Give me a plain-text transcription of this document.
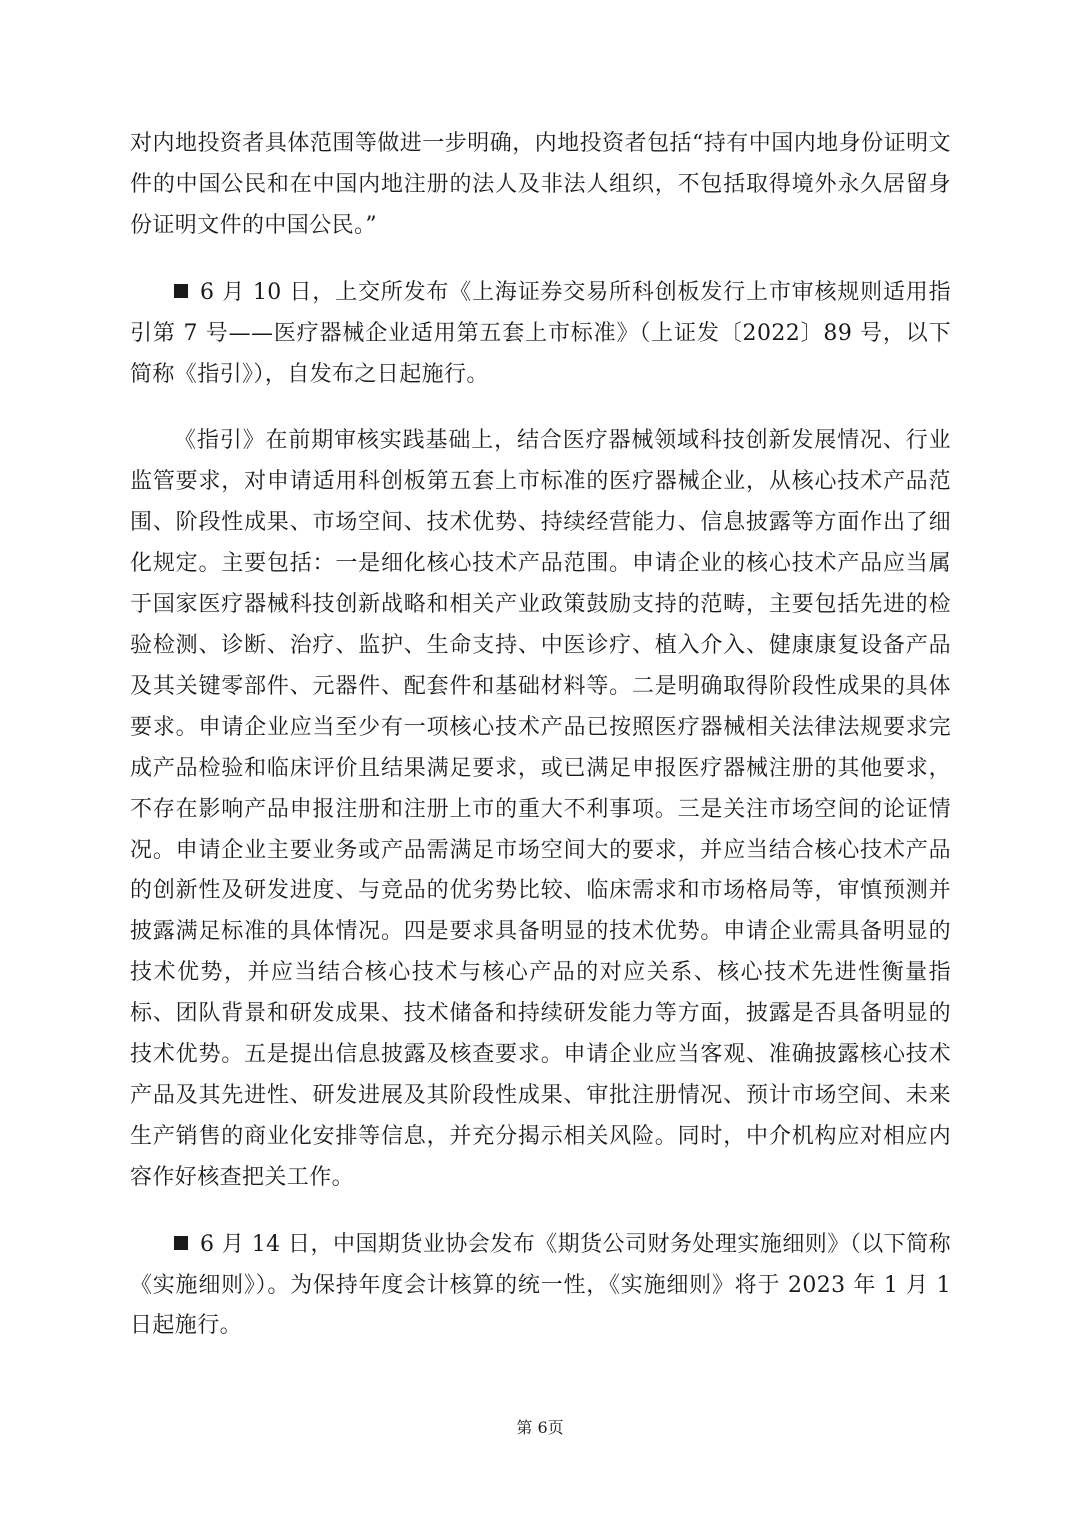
对内地投资者具体范围等做进一步明确，内地投资者包括“持有中国内地身份证明文件的中国公民和在中国内地注册的法人及非法人组织，不包括取得境外永久居留身份证明文件的中国公民。”

6 月 10 日，上交所发布《上海证券交易所科创板发行上市审核规则适用指引第 7 号——医疗器械企业适用第五套上市标准》（上证发〔2022〕89 号，以下简称《指引》），自发布之日起施行。

《指引》在前期审核实践基础上，结合医疗器械领域科技创新发展情况、行业监管要求，对申请适用科创板第五套上市标准的医疗器械企业，从核心技术产品范围、阶段性成果、市场空间、技术优势、持续经营能力、信息披露等方面作出了细化规定。主要包括：一是细化核心技术产品范围。申请企业的核心技术产品应当属于国家医疗器械科技创新战略和相关产业政策鼓励支持的范畴，主要包括先进的检验检测、诊断、治疗、监护、生命支持、中医诊疗、植入介入、健康康复设备产品及其关键零部件、元器件、配套件和基础材料等。二是明确取得阶段性成果的具体要求。申请企业应当至少有一项核心技术产品已按照医疗器械相关法律法规要求完成产品检验和临床评价且结果满足要求，或已满足申报医疗器械注册的其他要求，不存在影响产品申报注册和注册上市的重大不利事项。三是关注市场空间的论证情况。申请企业主要业务或产品需满足市场空间大的要求，并应当结合核心技术产品的创新性及研发进度、与竞品的优劣势比较、临床需求和市场格局等，审慎预测并披露满足标准的具体情况。四是要求具备明显的技术优势。申请企业需具备明显的技术优势，并应当结合核心技术与核心产品的对应关系、核心技术先进性衡量指标、团队背景和研发成果、技术储备和持续研发能力等方面，披露是否具备明显的技术优势。五是提出信息披露及核查要求。申请企业应当客观、准确披露核心技术产品及其先进性、研发进展及其阶段性成果、审批注册情况、预计市场空间、未来生产销售的商业化安排等信息，并充分揭示相关风险。同时，中介机构应对相应内容作好核查把关工作。

6 月 14 日，中国期货业协会发布《期货公司财务处理实施细则》（以下简称《实施细则》）。为保持年度会计核算的统一性，《实施细则》将于 2023 年 1 月 1 日起施行。

第 6页
